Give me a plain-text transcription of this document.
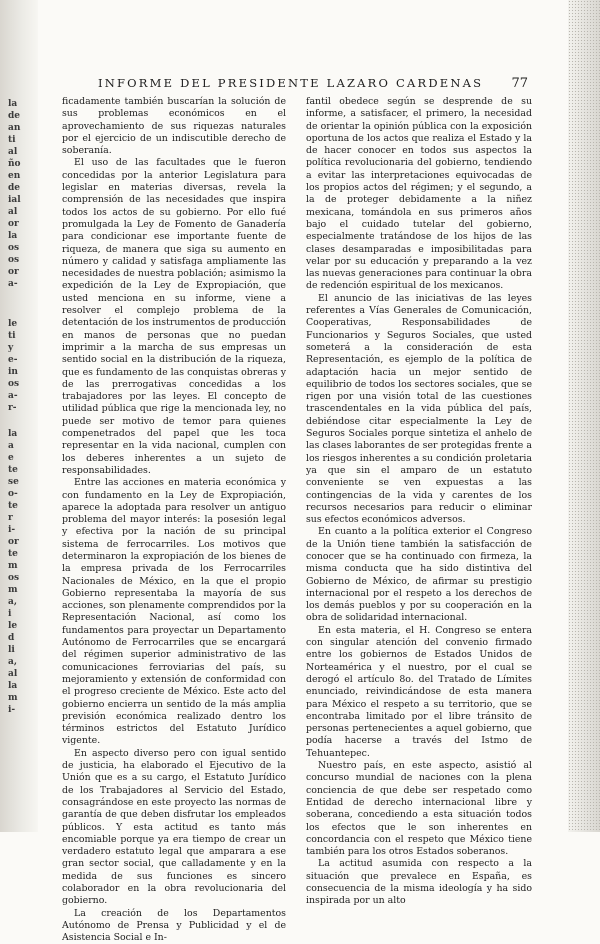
la
de
an
ti
al
ño
en
de
ial
al
or
la
os
os
or
a-
le
ti
y
e-
in
os
a-
r-
la
a
e
te
se
o-
te
r
i-
or
te
m
os
m
a,
i
le
d
li
a,
al
la
m
i-
INFORME DEL PRESIDENTE LAZARO CARDENAS 77

ficadamente también buscarían la solución de sus problemas económicos en el aprovechamiento de sus riquezas naturales por el ejercicio de un indiscutible derecho de soberanía.

El uso de las facultades que le fueron concedidas por la anterior Legislatura para legislar en materias diversas, revela la comprensión de las necesidades que inspira todos los actos de su gobierno. Por ello fué promulgada la Ley de Fomento de Ganadería para condicionar ese importante fuente de riqueza, de manera que siga su aumento en número y calidad y satisfaga ampliamente las necesidades de nuestra población; asimismo la expedición de la Ley de Expropiación, que usted menciona en su informe, viene a resolver el complejo problema de la detentación de los instrumentos de producción en manos de personas que no puedan imprimir a la marcha de sus empresas un sentido social en la distribución de la riqueza, que es fundamento de las conquistas obreras y de las prerrogativas concedidas a los trabajadores por las leyes. El concepto de utilidad pública que rige la mencionada ley, no puede ser motivo de temor para quienes compenetrados del papel que les toca representar en la vida nacional, cumplen con los deberes inherentes a un sujeto de responsabilidades.

Entre las acciones en materia económica y con fundamento en la Ley de Expropiación, aparece la adoptada para resolver un antiguo problema del mayor interés: la posesión legal y efectiva por la nación de su principal sistema de ferrocarriles. Los motivos que determinaron la expropiación de los bienes de la empresa privada de los Ferrocarriles Nacionales de México, en la que el propio Gobierno representaba la mayoría de sus acciones, son plenamente comprendidos por la Representación Nacional, así como los fundamentos para proyectar un Departamento Autónomo de Ferrocarriles que se encargará del régimen superior administrativo de las comunicaciones ferroviarias del país, su mejoramiento y extensión de conformidad con el progreso creciente de México. Este acto del gobierno encierra un sentido de la más amplia previsión económica realizado dentro los términos estrictos del Estatuto Jurídico vigente.

En aspecto diverso pero con igual sentido de justicia, ha elaborado el Ejecutivo de la Unión que es a su cargo, el Estatuto Jurídico de los Trabajadores al Servicio del Estado, consagrándose en este proyecto las normas de garantía de que deben disfrutar los empleados públicos. Y esta actitud es tanto más encomiable porque ya era tiempo de crear un verdadero estatuto legal que amparara a ese gran sector social, que calladamente y en la medida de sus funciones es sincero colaborador en la obra revolucionaria del gobierno.

La creación de los Departamentos Autónomo de Prensa y Publicidad y el de Asistencia Social e In-

fantil obedece según se desprende de su informe, a satisfacer, el primero, la necesidad de orientar la opinión pública con la exposición oportuna de los actos que realiza el Estado y la de hacer conocer en todos sus aspectos la política revolucionaria del gobierno, tendiendo a evitar las interpretaciones equivocadas de los propios actos del régimen; y el segundo, a la de proteger debidamente a la niñez mexicana, tomándola en sus primeros años bajo el cuidado tutelar del gobierno, especialmente tratándose de los hijos de las clases desamparadas e imposibilitadas para velar por su educación y preparando a la vez las nuevas generaciones para continuar la obra de redención espiritual de los mexicanos.

El anuncio de las iniciativas de las leyes referentes a Vías Generales de Comunicación, Cooperativas, Responsabilidades de Funcionarios y Seguros Sociales, que usted someterá a la consideración de esta Representación, es ejemplo de la política de adaptación hacia un mejor sentido de equilibrio de todos los sectores sociales, que se rigen por una visión total de las cuestiones trascendentales en la vida pública del país, debiéndose citar especialmente la Ley de Seguros Sociales porque sintetiza el anhelo de las clases laborantes de ser protegidas frente a los riesgos inherentes a su condición proletaria ya que sin el amparo de un estatuto conveniente se ven expuestas a las contingencias de la vida y carentes de los recursos necesarios para reducir o eliminar sus efectos económicos adversos.

En cuanto a la política exterior el Congreso de la Unión tiene también la satisfacción de conocer que se ha continuado con firmeza, la misma conducta que ha sido distintiva del Gobierno de México, de afirmar su prestigio internacional por el respeto a los derechos de los demás pueblos y por su cooperación en la obra de solidaridad internacional.

En esta materia, el H. Congreso se entera con singular atención del convenio firmado entre los gobiernos de Estados Unidos de Norteamérica y el nuestro, por el cual se derogó el artículo 8o. del Tratado de Límites enunciado, reivindicándose de esta manera para México el respeto a su territorio, que se encontraba limitado por el libre tránsito de personas pertenecientes a aquel gobierno, que podía hacerse a través del Istmo de Tehuantepec.

Nuestro país, en este aspecto, asistió al concurso mundial de naciones con la plena conciencia de que debe ser respetado como Entidad de derecho internacional libre y soberana, concediendo a esta situación todos los efectos que le son inherentes en concordancia con el respeto que México tiene también para los otros Estados soberanos.

La actitud asumida con respecto a la situación que prevalece en España, es consecuencia de la misma ideología y ha sido inspirada por un alto
